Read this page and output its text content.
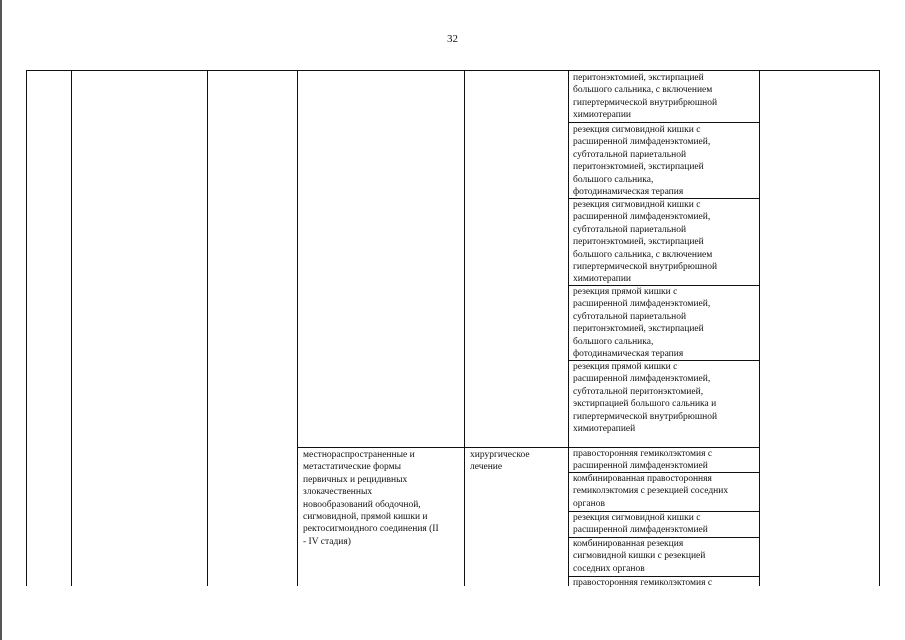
32
местнораспространенные и
метастатические формы
первичных и рецидивных
злокачественных
новообразований ободочной,
сигмовидной, прямой кишки и
ректосигмоидного соединения (II
- IV стадия)
хирургическое
лечение
перитонэктомией, экстирпацией
большого сальника, с включением
гипертермической внутрибрюшной
химиотерапии
резекция сигмовидной кишки с
расширенной лимфаденэктомией,
субтотальной париетальной
перитонэктомией, экстирпацией
большого сальника,
фотодинамическая терапия
резекция сигмовидной кишки с
расширенной лимфаденэктомией,
субтотальной париетальной
перитонэктомией, экстирпацией
большого сальника, с включением
гипертермической внутрибрюшной
химиотерапии
резекция прямой кишки с
расширенной лимфаденэктомией,
субтотальной париетальной
перитонэктомией, экстирпацией
большого сальника,
фотодинамическая терапия
резекция прямой кишки с
расширенной лимфаденэктомией,
субтотальной перитонэктомией,
экстирпацией большого сальника и
гипертермической внутрибрюшной
химиотерапией
правосторонняя гемиколэктомия с
расширенной лимфаденэктомией
комбинированная правосторонняя
гемиколэктомия с резекцией соседних
органов
резекция сигмовидной кишки с
расширенной лимфаденэктомией
комбинированная резекция
сигмовидной кишки с резекцией
соседних органов
правосторонняя гемиколэктомия с
